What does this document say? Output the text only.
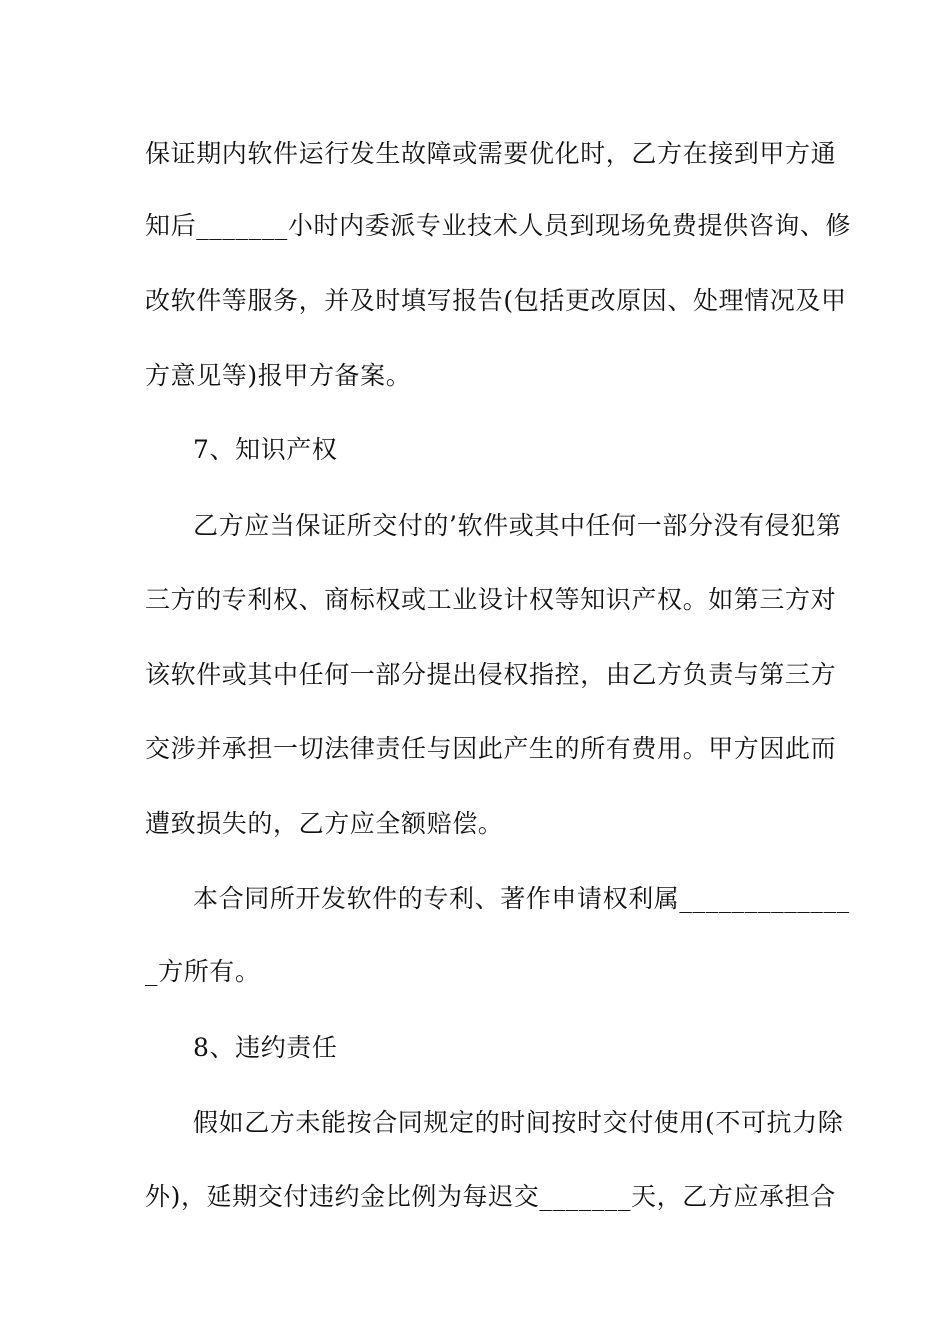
保证期内软件运行发生故障或需要优化时，乙方在接到甲方通
知后_______小时内委派专业技术人员到现场免费提供咨询、修
改软件等服务，并及时填写报告(包括更改原因、处理情况及甲
方意见等)报甲方备案。
7、知识产权
乙方应当保证所交付的’软件或其中任何一部分没有侵犯第
三方的专利权、商标权或工业设计权等知识产权。如第三方对
该软件或其中任何一部分提出侵权指控，由乙方负责与第三方
交涉并承担一切法律责任与因此产生的所有费用。甲方因此而
遭致损失的，乙方应全额赔偿。
本合同所开发软件的专利、著作申请权利属_____________
_方所有。
8、违约责任
假如乙方未能按合同规定的时间按时交付使用(不可抗力除
外)，延期交付违约金比例为每迟交_______天，乙方应承担合
